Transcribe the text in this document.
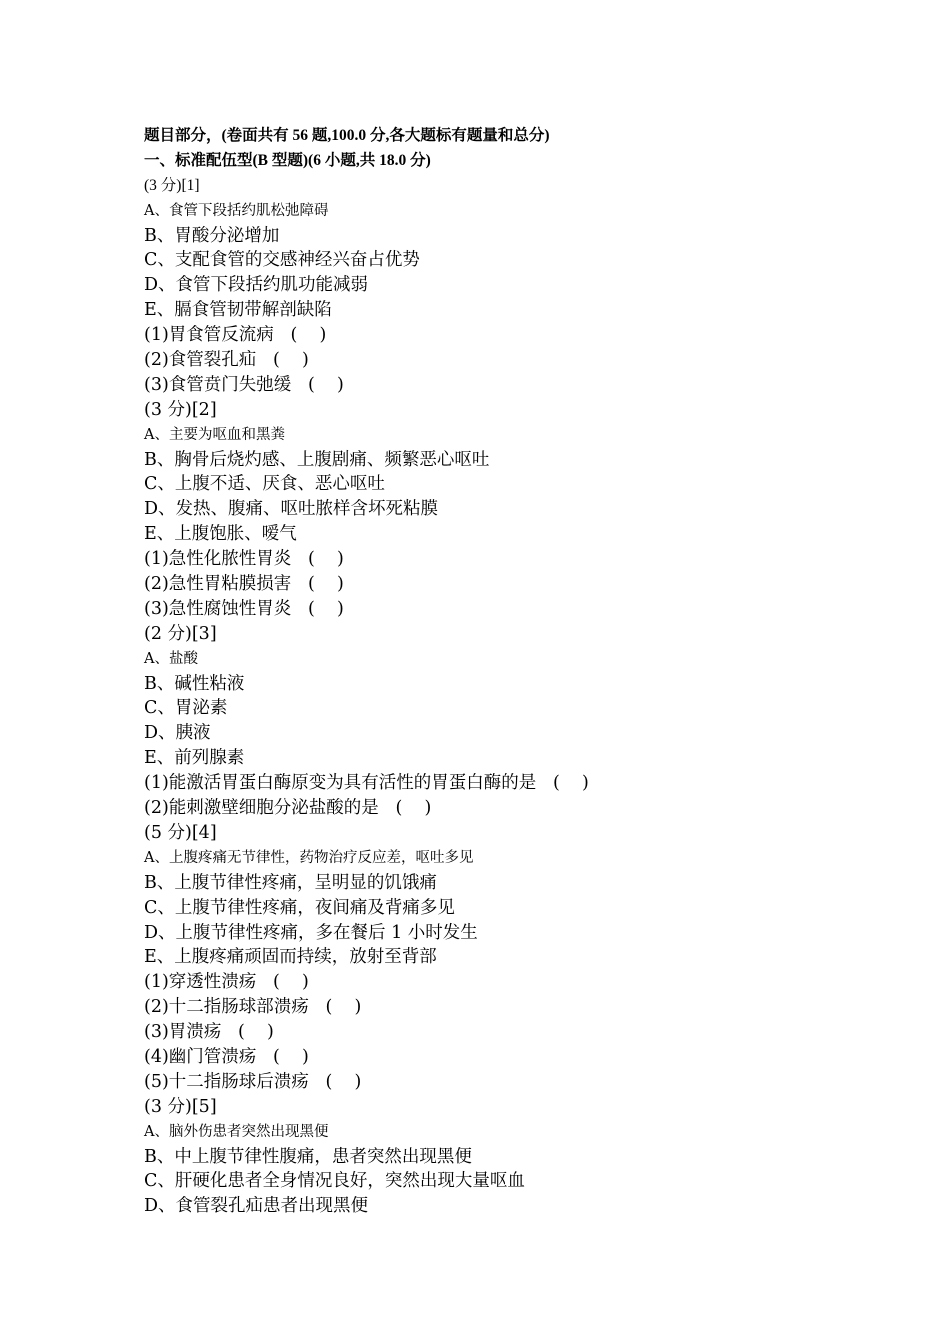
题目部分，(卷面共有 56 题,100.0 分,各大题标有题量和总分)
一、标准配伍型(B 型题)(6 小题,共 18.0 分)
(3 分)[1]
A、食管下段括约肌松弛障碍
B、胃酸分泌增加
C、支配食管的交感神经兴奋占优势
D、食管下段括约肌功能减弱
E、膈食管韧带解剖缺陷
(1)胃食管反流病   (    )
(2)食管裂孔疝   (    )
(3)食管贲门失弛缓   (    )
(3 分)[2]
A、主要为呕血和黑粪
B、胸骨后烧灼感、上腹剧痛、频繁恶心呕吐
C、上腹不适、厌食、恶心呕吐
D、发热、腹痛、呕吐脓样含坏死粘膜
E、上腹饱胀、嗳气
(1)急性化脓性胃炎   (    )
(2)急性胃粘膜损害   (    )
(3)急性腐蚀性胃炎   (    )
(2 分)[3]
A、盐酸
B、碱性粘液
C、胃泌素
D、胰液
E、前列腺素
(1)能激活胃蛋白酶原变为具有活性的胃蛋白酶的是   (    )
(2)能刺激壁细胞分泌盐酸的是   (    )
(5 分)[4]
A、上腹疼痛无节律性，药物治疗反应差，呕吐多见
B、上腹节律性疼痛，呈明显的饥饿痛
C、上腹节律性疼痛，夜间痛及背痛多见
D、上腹节律性疼痛，多在餐后 1 小时发生
E、上腹疼痛顽固而持续，放射至背部
(1)穿透性溃疡   (    )
(2)十二指肠球部溃疡   (    )
(3)胃溃疡   (    )
(4)幽门管溃疡   (    )
(5)十二指肠球后溃疡   (    )
(3 分)[5]
A、脑外伤患者突然出现黑便
B、中上腹节律性腹痛，患者突然出现黑便
C、肝硬化患者全身情况良好，突然出现大量呕血
D、食管裂孔疝患者出现黑便
